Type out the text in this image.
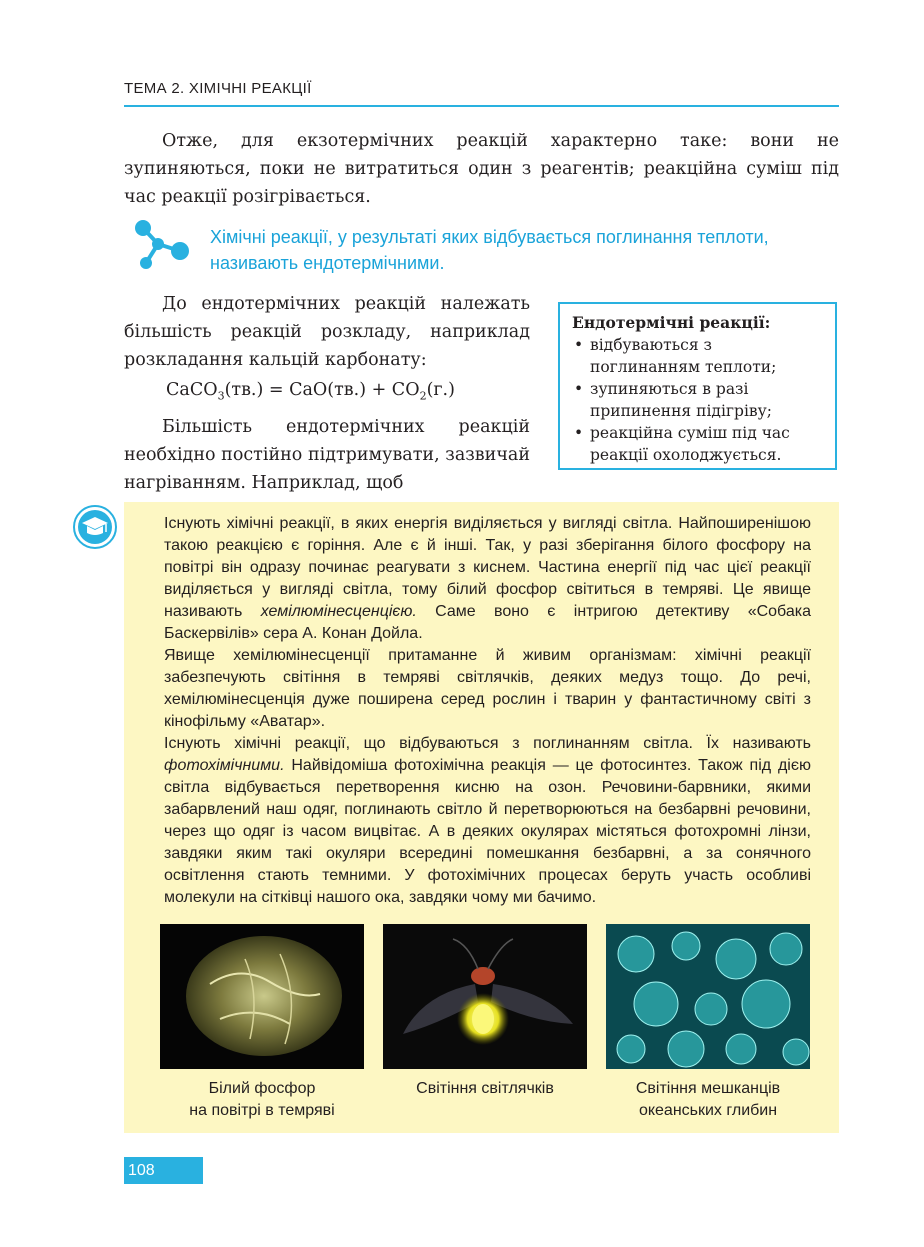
ТЕМА 2. ХІМІЧНІ РЕАКЦІЇ
Отже, для екзотермічних реакцій характерно таке: вони не зупиняються, поки не витратиться один з реагентів; реакційна суміш під час реакції розігрівається.
Хімічні реакції, у результаті яких відбувається поглинання теплоти, називають ендотермічними.

До ендотермічних реакцій належать більшість реакцій розкладу, наприклад розкладання кальцій карбонату:

CaCO$_3$(тв.) = $CaO(тв.) + CO_2(г.)$

Більшість ендотермічних реакцій необхідно постійно підтримувати, зазвичай нагріванням. Наприклад, щоб

Ендотермічні реакції:
• відбуваються з поглинанням теплоти;
• зупиняються в разі припинення підігріву;
• реакційна суміш під час реакції охолоджується.

Існують хімічні реакції, в яких енергія виділяється у вигляді світла. Найпоширенішою такою реакцією є горіння. Але є й інші. Так, у разі зберігання білого фосфору на повітрі він одразу починає реагувати з киснем. Частина енергії під час цієї реакції виділяється у вигляді світла, тому білий фосфор світиться в темряві. Це явище називають хемілюмінесценцією. Саме воно є інтригою детективу «Собака Баскервілів» сера А. Конан Дойла.

Явище хемілюмінесценції притаманне й живим організмам: хімічні реакції забезпечують світіння в темряві світлячків, деяких медуз тощо. До речі, хемілюмінесценція дуже поширена серед рослин і тварин у фантастичному світі з кінофільму «Аватар».

Існують хімічні реакції, що відбуваються з поглинанням світла. Їх називають фотохімічними. Найвідоміша фотохімічна реакція — це фотосинтез. Також під дією світла відбувається перетворення кисню на озон. Речовини-барвники, якими забарвлений наш одяг, поглинають світло й перетворюються на безбарвні речовини, через що одяг із часом вицвітає. А в деяких окулярах містяться фотохромні лінзи, завдяки яким такі окуляри всередині помешкання безбарвні, а за сонячного освітлення стають темними. У фотохімічних процесах беруть участь особливі молекули на сітківці нашого ока, завдяки чому ми бачимо.

Білий фосфор
на повітрі в темряві
Світіння світлячків	Світіння мешканців
океанських глибин
108
